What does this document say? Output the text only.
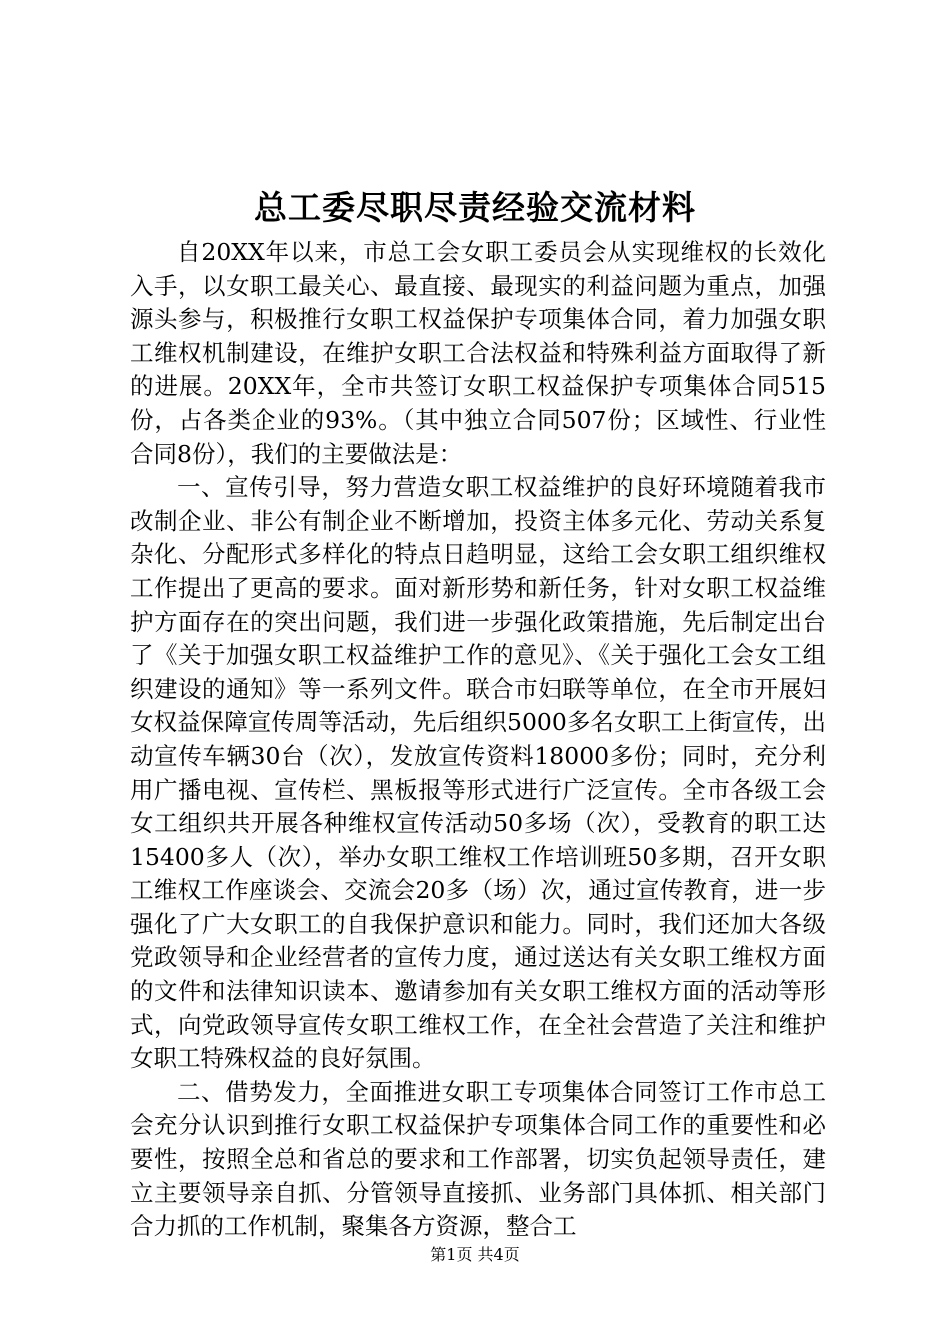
总工委尽职尽责经验交流材料

自20XX年以来，市总工会女职工委员会从实现维权的长效化入手，以女职工最关心、最直接、最现实的利益问题为重点，加强源头参与，积极推行女职工权益保护专项集体合同，着力加强女职工维权机制建设，在维护女职工合法权益和特殊利益方面取得了新的进展。20XX年，全市共签订女职工权益保护专项集体合同515份，占各类企业的93%。（其中独立合同507份；区域性、行业性合同8份），我们的主要做法是：

一、宣传引导，努力营造女职工权益维护的良好环境随着我市改制企业、非公有制企业不断增加，投资主体多元化、劳动关系复杂化、分配形式多样化的特点日趋明显，这给工会女职工组织维权工作提出了更高的要求。面对新形势和新任务，针对女职工权益维护方面存在的突出问题，我们进一步强化政策措施，先后制定出台了《关于加强女职工权益维护工作的意见》、《关于强化工会女工组织建设的通知》等一系列文件。联合市妇联等单位，在全市开展妇女权益保障宣传周等活动，先后组织5000多名女职工上街宣传，出动宣传车辆30台（次），发放宣传资料18000多份；同时，充分利用广播电视、宣传栏、黑板报等形式进行广泛宣传。全市各级工会女工组织共开展各种维权宣传活动50多场（次），受教育的职工达15400多人（次），举办女职工维权工作培训班50多期，召开女职工维权工作座谈会、交流会20多（场）次，通过宣传教育，进一步强化了广大女职工的自我保护意识和能力。同时，我们还加大各级党政领导和企业经营者的宣传力度，通过送达有关女职工维权方面的文件和法律知识读本、邀请参加有关女职工维权方面的活动等形式，向党政领导宣传女职工维权工作，在全社会营造了关注和维护女职工特殊权益的良好氛围。

二、借势发力，全面推进女职工专项集体合同签订工作市总工会充分认识到推行女职工权益保护专项集体合同工作的重要性和必要性，按照全总和省总的要求和工作部署，切实负起领导责任，建立主要领导亲自抓、分管领导直接抓、业务部门具体抓、相关部门合力抓的工作机制，聚集各方资源，整合工

第1页 共4页
